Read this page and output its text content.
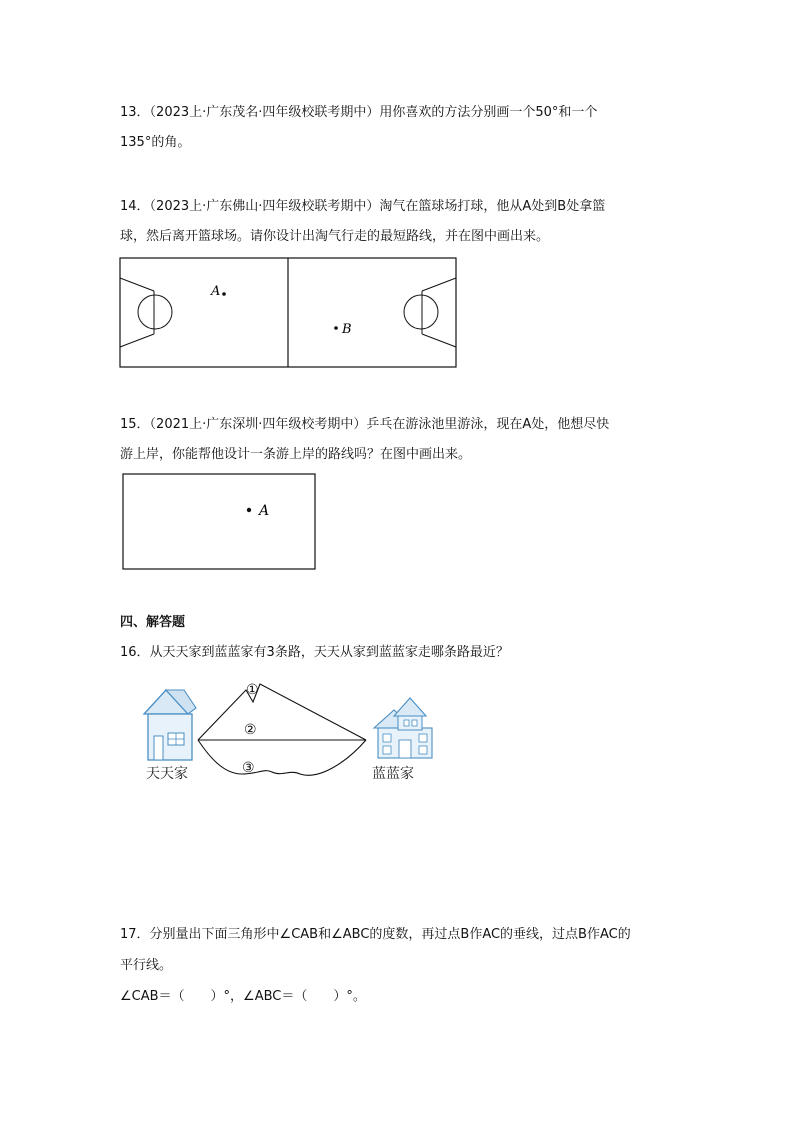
13．（2023上·广东茂名·四年级校联考期中）用你喜欢的方法分别画一个50°和一个
135°的角。
14．（2023上·广东佛山·四年级校联考期中）淘气在篮球场打球，他从A处到B处拿篮
球，然后离开篮球场。请你设计出淘气行走的最短路线，并在图中画出来。
A
B
15．（2021上·广东深圳·四年级校考期中）乒乓在游泳池里游泳，现在A处，他想尽快
游上岸，你能帮他设计一条游上岸的路线吗？在图中画出来。
A
四、解答题
16．从天天家到蓝蓝家有3条路，天天从家到蓝蓝家走哪条路最近？
天天家
①
②
③	蓝蓝家
17．分别量出下面三角形中∠CAB和∠ABC的度数，再过点B作AC的垂线，过点B作AC的
平行线。
∠CAB＝（　　）°，∠ABC＝（　　）°。
